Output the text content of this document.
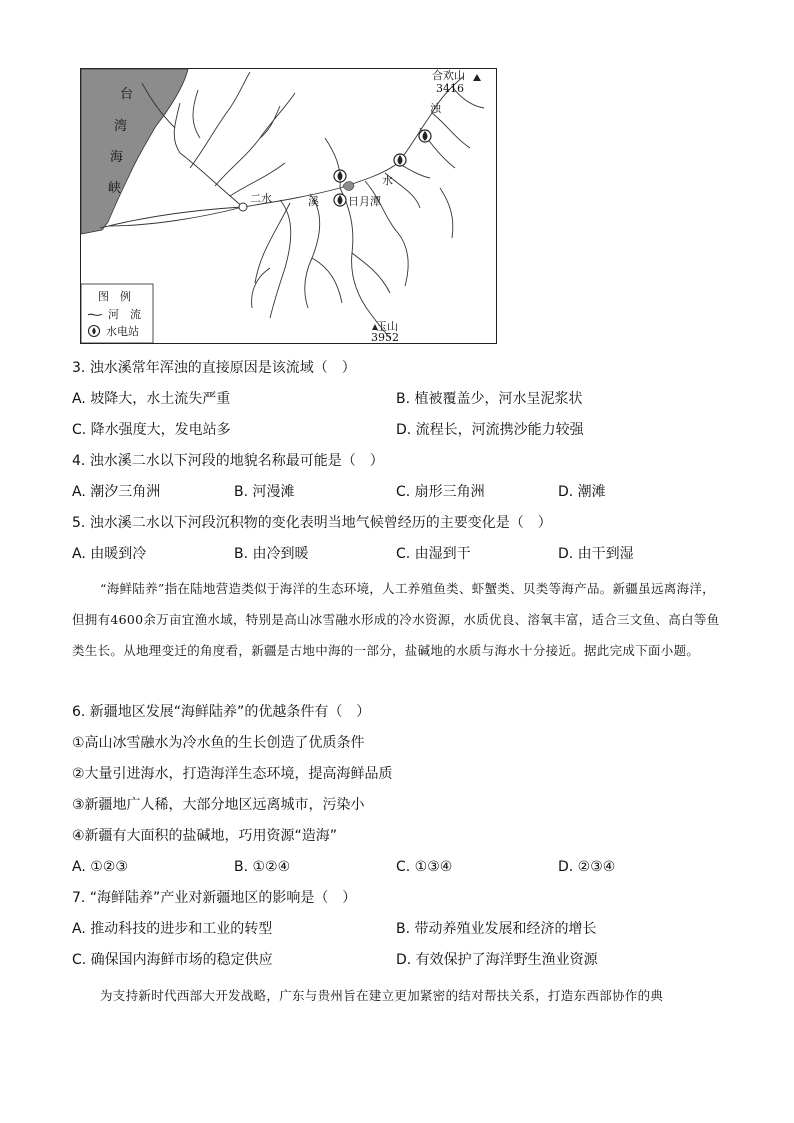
台
湾
海
峡
合欢山
3416
浊
水
溪
二水	日月潭
玉山
3952
图　例
河　流
水电站
3. 浊水溪常年浑浊的直接原因是该流域（　）
A. 坡降大，水土流失严重	B. 植被覆盖少，河水呈泥浆状
C. 降水强度大，发电站多	D. 流程长，河流携沙能力较强
4. 浊水溪二水以下河段的地貌名称最可能是（　）
A. 潮汐三角洲	B. 河漫滩	C. 扇形三角洲	D. 潮滩
5. 浊水溪二水以下河段沉积物的变化表明当地气候曾经历的主要变化是（　）
A. 由暖到冷	B. 由冷到暖	C. 由湿到干	D. 由干到湿
“海鲜陆养”指在陆地营造类似于海洋的生态环境，人工养殖鱼类、虾蟹类、贝类等海产品。新疆虽远离海洋，但拥有4600余万亩宜渔水域，特别是高山冰雪融水形成的冷水资源，水质优良、溶氧丰富，适合三文鱼、高白等鱼类生长。从地理变迁的角度看，新疆是古地中海的一部分，盐碱地的水质与海水十分接近。据此完成下面小题。
6. 新疆地区发展“海鲜陆养”的优越条件有（　）
①高山冰雪融水为冷水鱼的生长创造了优质条件
②大量引进海水，打造海洋生态环境，提高海鲜品质
③新疆地广人稀，大部分地区远离城市，污染小
④新疆有大面积的盐碱地，巧用资源“造海”
A. ①②③	B. ①②④	C. ①③④	D. ②③④
7. “海鲜陆养”产业对新疆地区的影响是（　）
A. 推动科技的进步和工业的转型	B. 带动养殖业发展和经济的增长
C. 确保国内海鲜市场的稳定供应	D. 有效保护了海洋野生渔业资源
为支持新时代西部大开发战略，广东与贵州旨在建立更加紧密的结对帮扶关系，打造东西部协作的典
